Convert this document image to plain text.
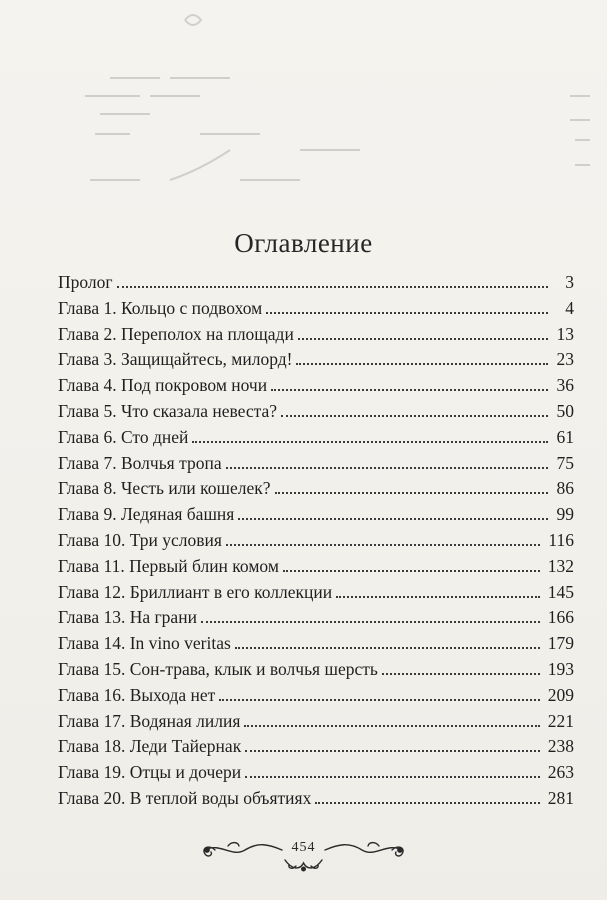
Оглавление
Пролог	3
Глава 1. Кольцо с подвохом	4
Глава 2. Переполох на площади	13
Глава 3. Защищайтесь, милорд!	23
Глава 4. Под покровом ночи	36
Глава 5. Что сказала невеста?	50
Глава 6. Сто дней	61
Глава 7. Волчья тропа	75
Глава 8. Честь или кошелек?	86
Глава 9. Ледяная башня	99
Глава 10. Три условия	116
Глава 11. Первый блин комом	132
Глава 12. Бриллиант в его коллекции	145
Глава 13. На грани	166
Глава 14. In vino veritas	179
Глава 15. Сон-трава, клык и волчья шерсть	193
Глава 16. Выхода нет	209
Глава 17. Водяная лилия	221
Глава 18. Леди Тайернак	238
Глава 19. Отцы и дочери	263
Глава 20. В теплой воды объятиях	281
454
